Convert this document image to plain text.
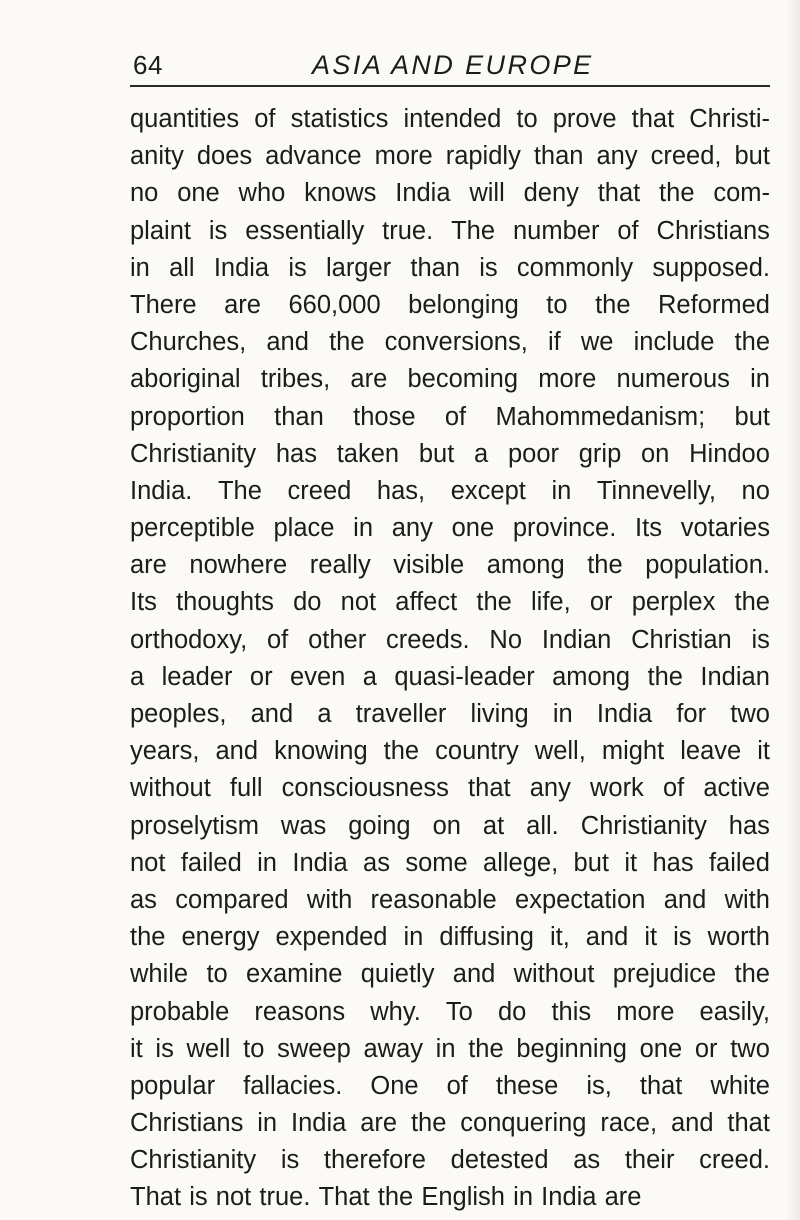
64	ASIA AND EUROPE
quantities of statistics intended to prove that Christi-
anity does advance more rapidly than any creed, but
no one who knows India will deny that the com-
plaint is essentially true. The number of Christians
in all India is larger than is commonly supposed.
There are 660,000 belonging to the Reformed
Churches, and the conversions, if we include the
aboriginal tribes, are becoming more numerous in
proportion than those of Mahommedanism; but
Christianity has taken but a poor grip on Hindoo
India. The creed has, except in Tinnevelly, no
perceptible place in any one province. Its votaries
are nowhere really visible among the population.
Its thoughts do not affect the life, or perplex the
orthodoxy, of other creeds. No Indian Christian is
a leader or even a quasi-leader among the Indian
peoples, and a traveller living in India for two
years, and knowing the country well, might leave it
without full consciousness that any work of active
proselytism was going on at all. Christianity has
not failed in India as some allege, but it has failed
as compared with reasonable expectation and with
the energy expended in diffusing it, and it is worth
while to examine quietly and without prejudice the
probable reasons why. To do this more easily,
it is well to sweep away in the beginning one or two
popular fallacies. One of these is, that white
Christians in India are the conquering race, and that
Christianity is therefore detested as their creed.
That is not true. That the English in India are
